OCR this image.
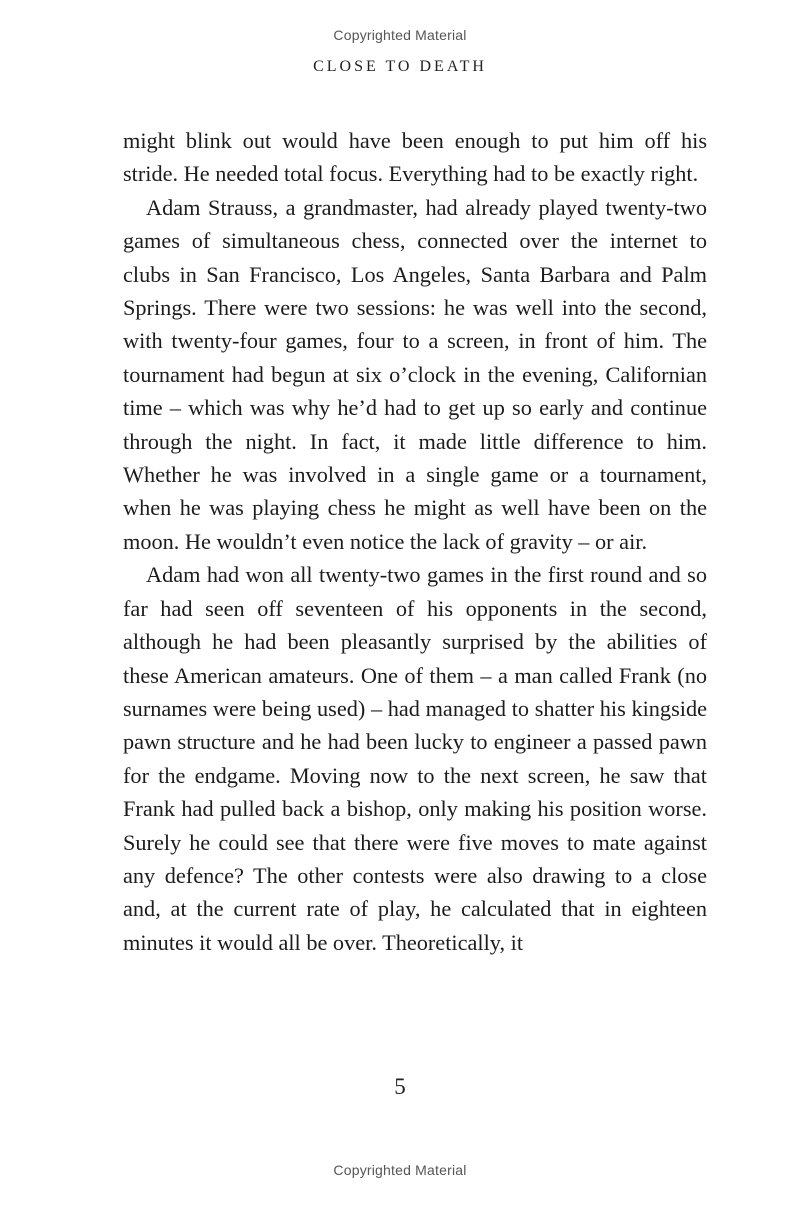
Copyrighted Material
CLOSE TO DEATH

might blink out would have been enough to put him off his stride. He needed total focus. Everything had to be exactly right.

Adam Strauss, a grandmaster, had already played twenty-two games of simultaneous chess, connected over the internet to clubs in San Francisco, Los Angeles, Santa Barbara and Palm Springs. There were two sessions: he was well into the second, with twenty-four games, four to a screen, in front of him. The tournament had begun at six o’clock in the evening, Californian time – which was why he’d had to get up so early and continue through the night. In fact, it made little difference to him. Whether he was involved in a single game or a tournament, when he was playing chess he might as well have been on the moon. He wouldn’t even notice the lack of gravity – or air.

Adam had won all twenty-two games in the first round and so far had seen off seventeen of his opponents in the second, although he had been pleasantly surprised by the abilities of these American amateurs. One of them – a man called Frank (no surnames were being used) – had managed to shatter his kingside pawn structure and he had been lucky to engineer a passed pawn for the endgame. Moving now to the next screen, he saw that Frank had pulled back a bishop, only making his position worse. Surely he could see that there were five moves to mate against any defence? The other contests were also drawing to a close and, at the current rate of play, he calculated that in eighteen minutes it would all be over. Theoretically, it

5
Copyrighted Material
